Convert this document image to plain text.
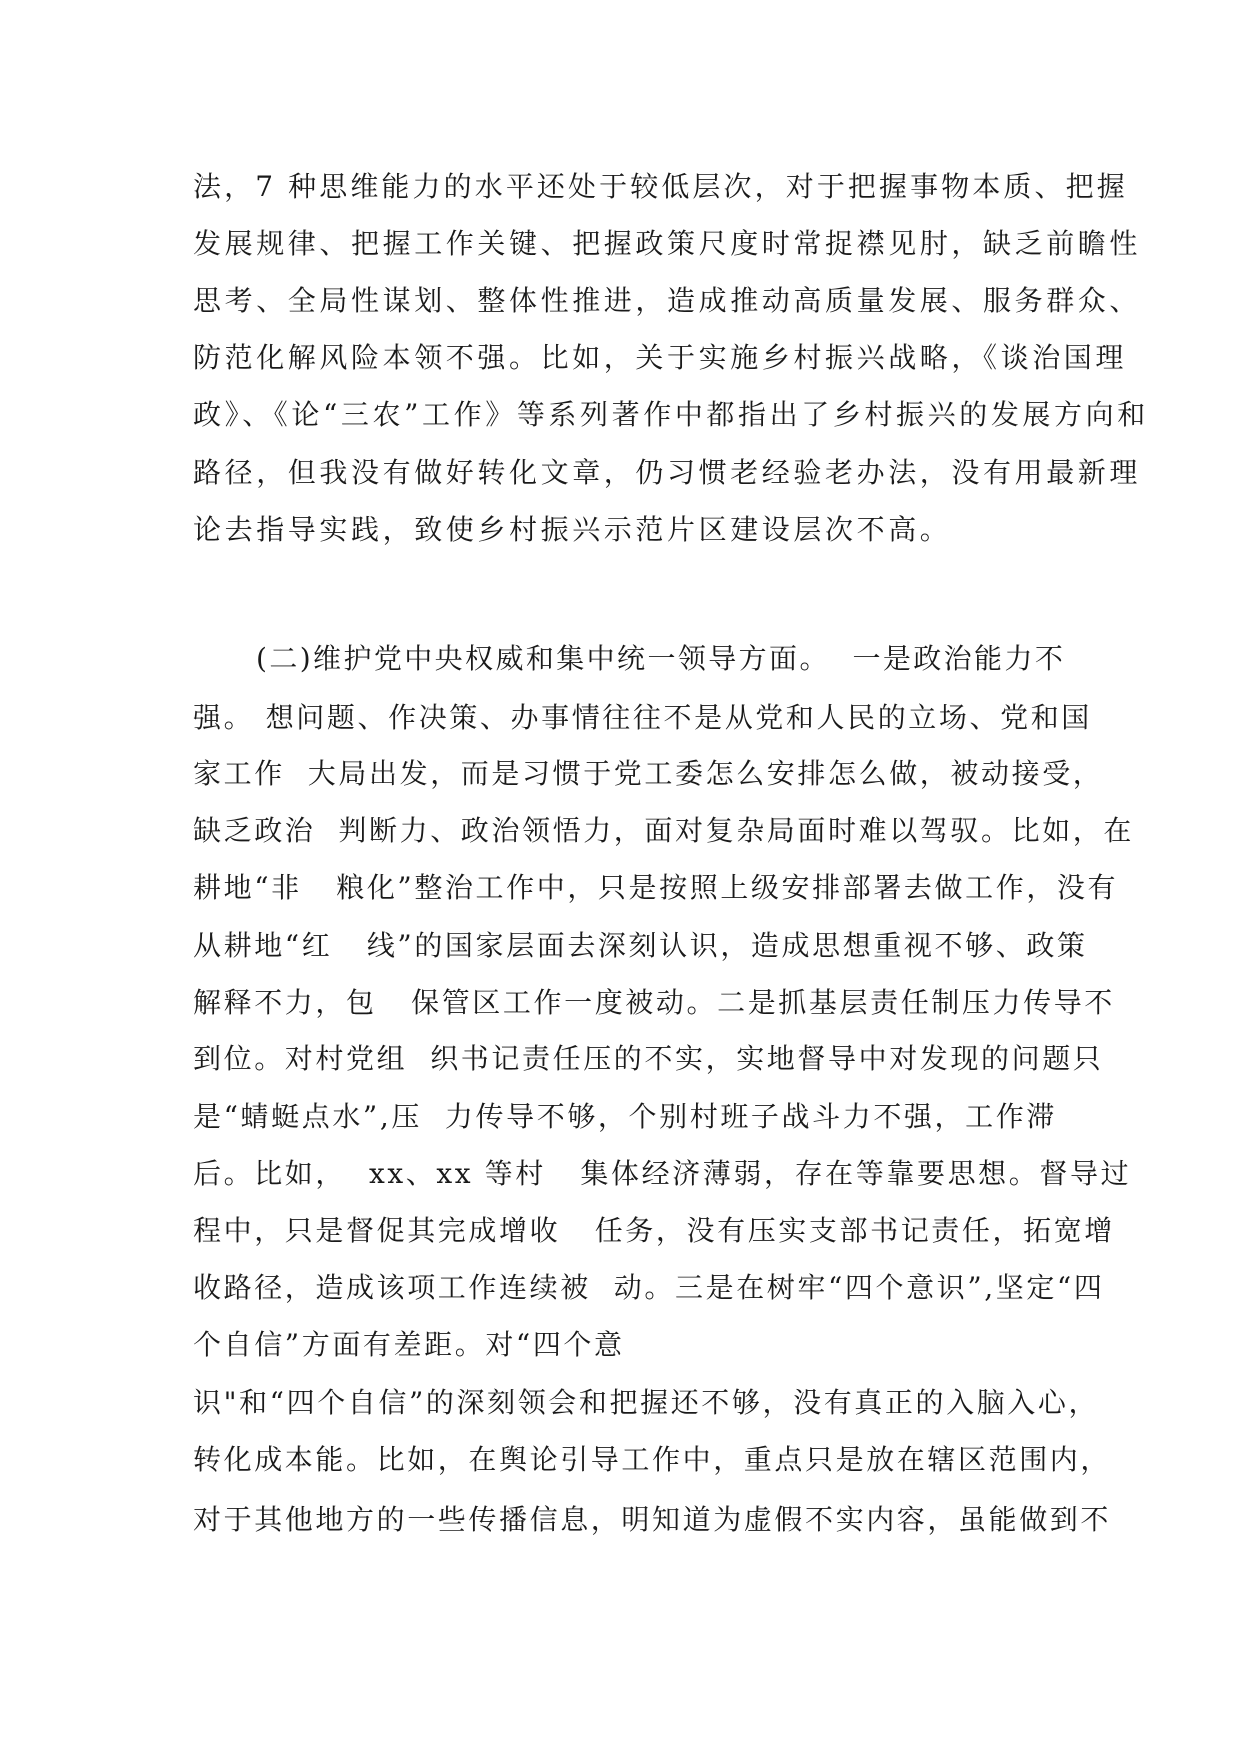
法，7 种思维能力的水平还处于较低层次，对于把握事物本质、把握
发展规律、把握工作关键、把握政策尺度时常捉襟见肘，缺乏前瞻性
思考、全局性谋划、整体性推进，造成推动高质量发展、服务群众、
防范化解风险本领不强。比如，关于实施乡村振兴战略，《谈治国理
政》、《论“三农”工作》等系列著作中都指出了乡村振兴的发展方向和
路径，但我没有做好转化文章，仍习惯老经验老办法，没有用最新理
论去指导实践，致使乡村振兴示范片区建设层次不高。
(二)维护党中央权威和集中统一领导方面。  一是政治能力不
强。 想问题、作决策、办事情往往不是从党和人民的立场、党和国
家工作  大局出发，而是习惯于党工委怎么安排怎么做，被动接受，
缺乏政治  判断力、政治领悟力，面对复杂局面时难以驾驭。比如，在
耕地“非   粮化”整治工作中，只是按照上级安排部署去做工作，没有
从耕地“红   线”的国家层面去深刻认识，造成思想重视不够、政策
解释不力，包   保管区工作一度被动。二是抓基层责任制压力传导不
到位。对村党组  织书记责任压的不实，实地督导中对发现的问题只
是“蜻蜓点水”,压  力传导不够，个别村班子战斗力不强，工作滞
后。比如，  xx、xx 等村   集体经济薄弱，存在等靠要思想。督导过
程中，只是督促其完成增收   任务，没有压实支部书记责任，拓宽增
收路径，造成该项工作连续被  动。三是在树牢“四个意识”,坚定“四
个自信”方面有差距。对“四个意
识"和“四个自信”的深刻领会和把握还不够，没有真正的入脑入心，
转化成本能。比如，在舆论引导工作中，重点只是放在辖区范围内，
对于其他地方的一些传播信息，明知道为虚假不实内容，虽能做到不
